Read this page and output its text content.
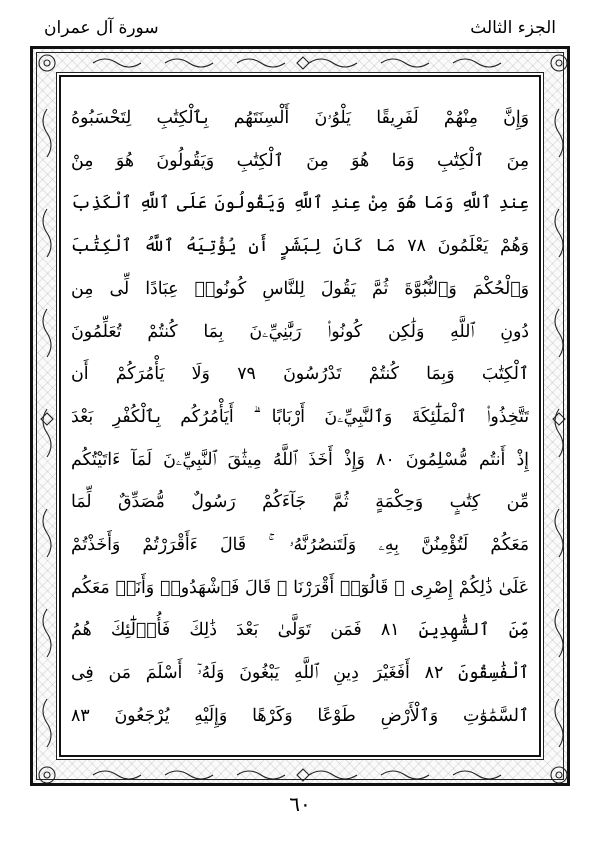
الجزء الثالث
سورة آل عمران
وَإِنَّ مِنْهُمْ لَفَرِيقًا يَلْوُۥنَ أَلْسِنَتَهُم بِٱلْكِتَٰبِ لِتَحْسَبُوهُ
مِنَ ٱلْكِتَٰبِ وَمَا هُوَ مِنَ ٱلْكِتَٰبِ وَيَقُولُونَ هُوَ مِنْ
عِندِ ٱللَّهِ وَمَا هُوَ مِنْ عِندِ ٱللَّهِ وَيَقُولُونَ عَلَى ٱللَّهِ ٱلْكَذِبَ
وَهُمْ يَعْلَمُونَ ٧٨ مَا كَانَ لِبَشَرٍ أَن يُؤْتِيَهُ ٱللَّهُ ٱلْكِتَٰبَ
وَٱلْحُكْمَ وَٱلنُّبُوَّةَ ثُمَّ يَقُولَ لِلنَّاسِ كُونُوا۟ عِبَادًا لِّى مِن
دُونِ ٱللَّهِ وَلَٰكِن كُونُوا۟ رَبَّٰنِيِّۦنَ بِمَا كُنتُمْ تُعَلِّمُونَ
ٱلْكِتَٰبَ وَبِمَا كُنتُمْ تَدْرُسُونَ ٧٩ وَلَا يَأْمُرَكُمْ أَن
تَتَّخِذُوا۟ ٱلْمَلَٰٓئِكَةَ وَٱلنَّبِيِّۦنَ أَرْبَابًا ۗ أَيَأْمُرُكُم بِٱلْكُفْرِ بَعْدَ
إِذْ أَنتُم مُّسْلِمُونَ ٨٠ وَإِذْ أَخَذَ ٱللَّهُ مِيثَٰقَ ٱلنَّبِيِّۦنَ لَمَآ ءَاتَيْتُكُم
مِّن كِتَٰبٍ وَحِكْمَةٍ ثُمَّ جَآءَكُمْ رَسُولٌ مُّصَدِّقٌ لِّمَا
مَعَكُمْ لَتُؤْمِنُنَّ بِهِۦ وَلَتَنصُرُنَّهُۥ ۚ قَالَ ءَأَقْرَرْتُمْ وَأَخَذْتُمْ
عَلَىٰ ذَٰلِكُمْ إِصْرِى ۖ قَالُوٓا۟ أَقْرَرْنَا ۚ قَالَ فَٱشْهَدُوا۟ وَأَنَا۠ مَعَكُم
مِّنَ ٱلشَّٰهِدِينَ ٨١ فَمَن تَوَلَّىٰ بَعْدَ ذَٰلِكَ فَأُو۟لَٰٓئِكَ هُمُ
ٱلْفَٰسِقُونَ ٨٢ أَفَغَيْرَ دِينِ ٱللَّهِ يَبْغُونَ وَلَهُۥٓ أَسْلَمَ مَن فِى
ٱلسَّمَٰوَٰتِ وَٱلْأَرْضِ طَوْعًا وَكَرْهًا وَإِلَيْهِ يُرْجَعُونَ ٨٣
٦٠
